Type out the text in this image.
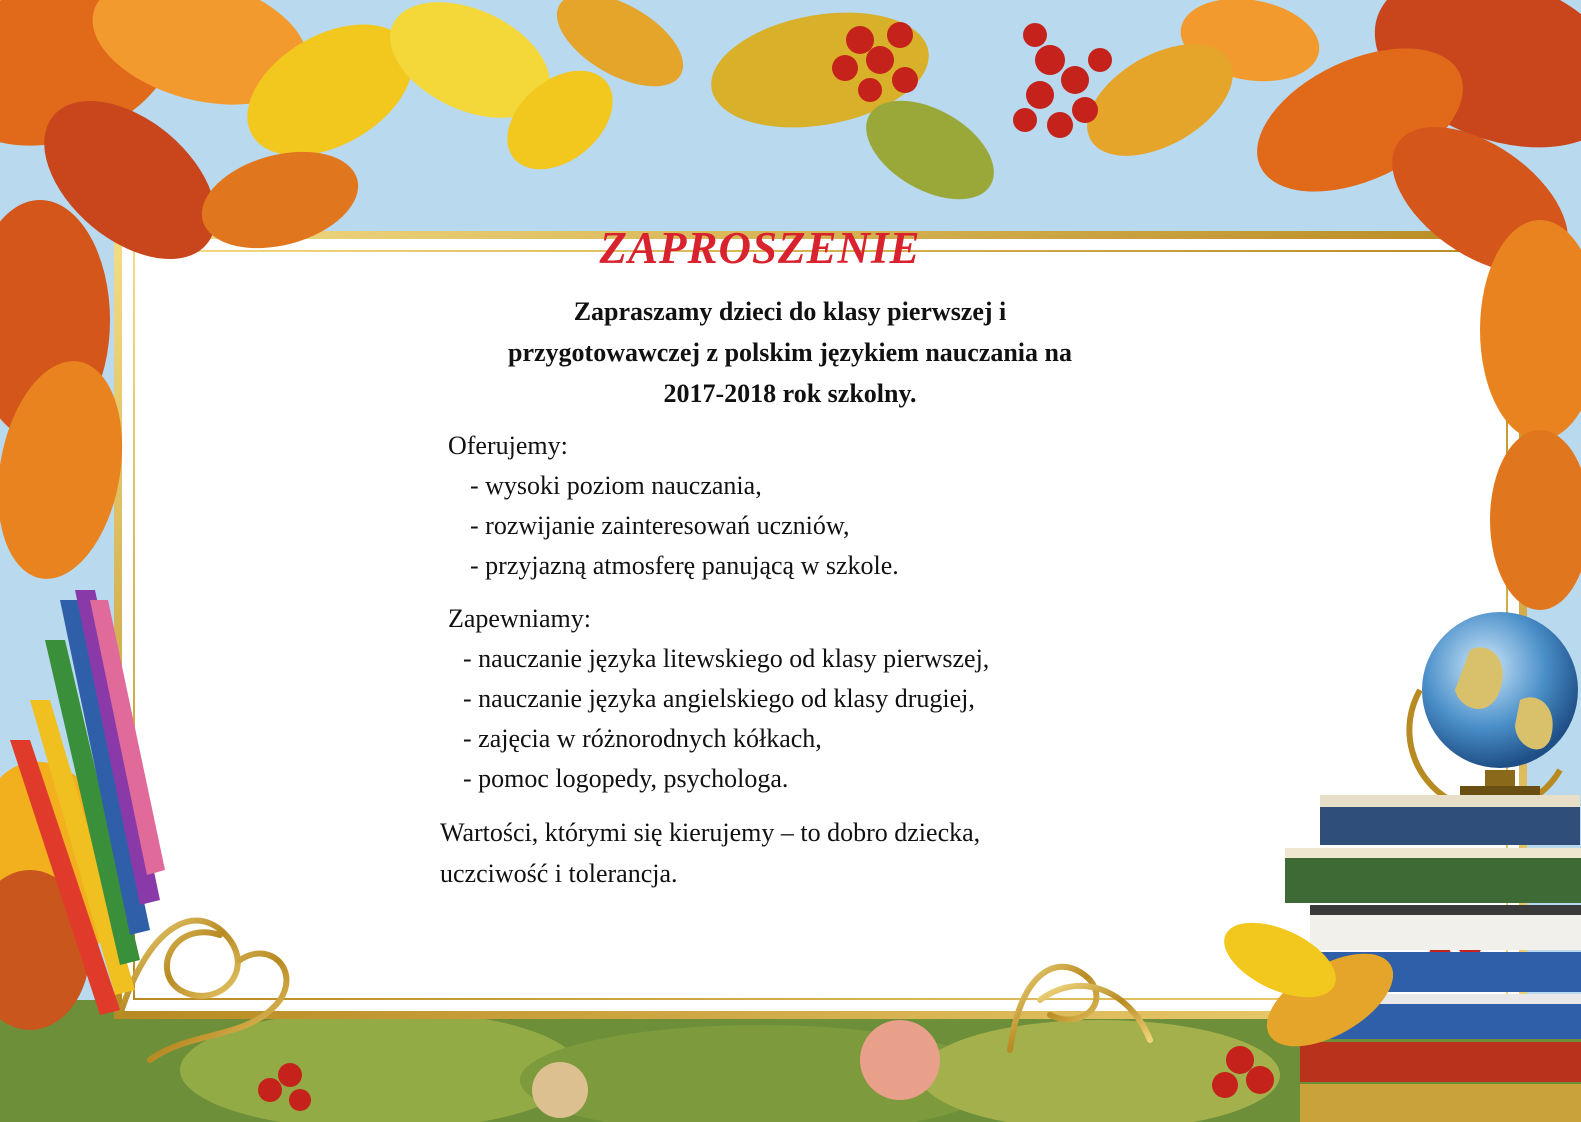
ZAPROSZENIE
Zapraszamy dzieci do klasy pierwszej i
przygotowawczej z polskim językiem nauczania na
2017-2018 rok szkolny.
Oferujemy:
- wysoki poziom nauczania,
- rozwijanie zainteresowań uczniów,
- przyjazną atmosferę panującą w szkole.
Zapewniamy:
- nauczanie języka litewskiego od klasy pierwszej,
- nauczanie języka angielskiego od klasy drugiej,
- zajęcia w różnorodnych kółkach,
- pomoc logopedy, psychologa.
Wartości, którymi się kierujemy – to dobro dziecka,
uczciwość i tolerancja.
